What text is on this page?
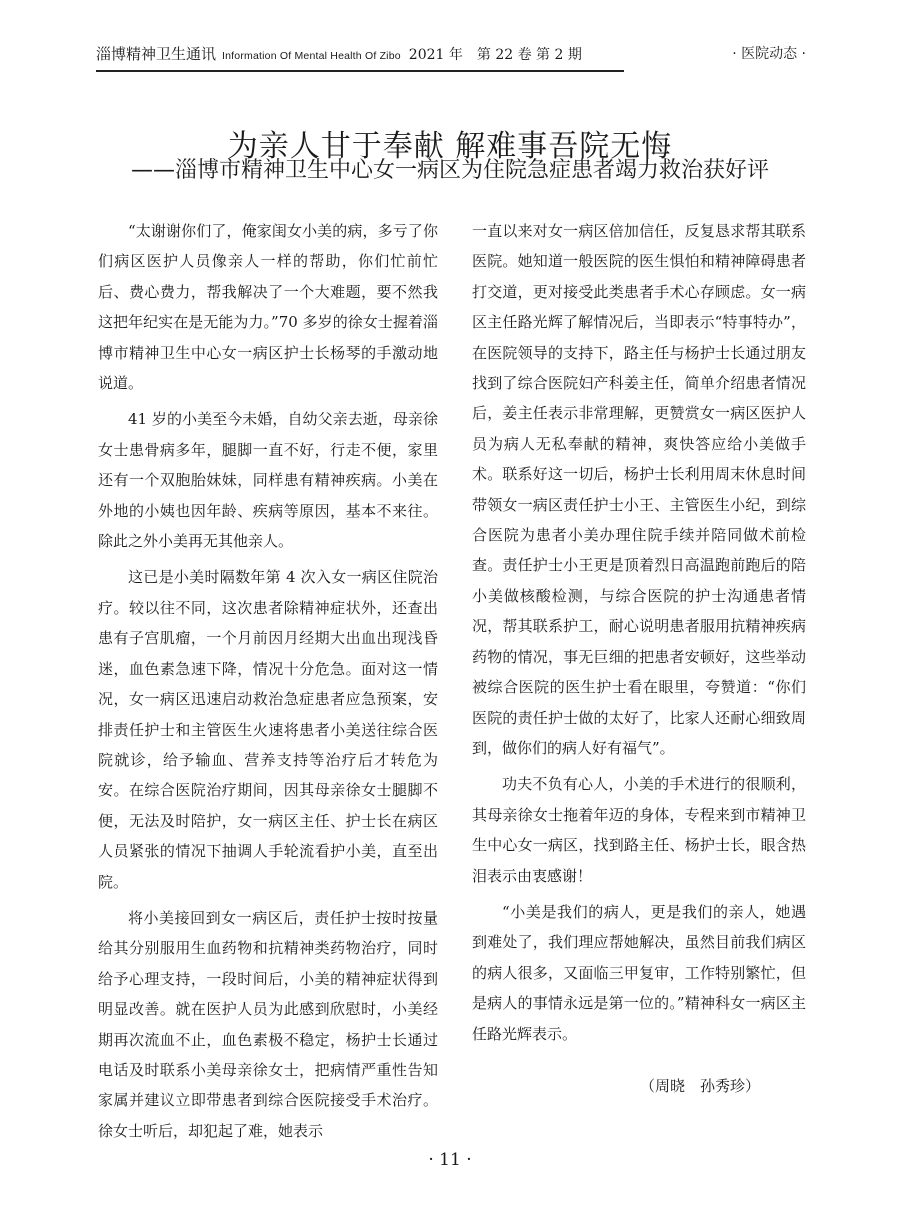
淄博精神卫生通讯 Information Of Mental Health Of Zibo 2021 年　第 22 卷 第 2 期	· 医院动态 ·
为亲人甘于奉献 解难事吾院无悔
——淄博市精神卫生中心女一病区为住院急症患者竭力救治获好评

“太谢谢你们了，俺家闺女小美的病，多亏了你们病区医护人员像亲人一样的帮助，你们忙前忙后、费心费力，帮我解决了一个大难题，要不然我这把年纪实在是无能为力。”70 多岁的徐女士握着淄博市精神卫生中心女一病区护士长杨琴的手激动地说道。

41 岁的小美至今未婚，自幼父亲去逝，母亲徐女士患骨病多年，腿脚一直不好，行走不便，家里还有一个双胞胎妹妹，同样患有精神疾病。小美在外地的小姨也因年龄、疾病等原因，基本不来往。除此之外小美再无其他亲人。

这已是小美时隔数年第 4 次入女一病区住院治疗。较以往不同，这次患者除精神症状外，还查出患有子宫肌瘤，一个月前因月经期大出血出现浅昏迷，血色素急速下降，情况十分危急。面对这一情况，女一病区迅速启动救治急症患者应急预案，安排责任护士和主管医生火速将患者小美送往综合医院就诊，给予输血、营养支持等治疗后才转危为安。在综合医院治疗期间，因其母亲徐女士腿脚不便，无法及时陪护，女一病区主任、护士长在病区人员紧张的情况下抽调人手轮流看护小美，直至出院。

将小美接回到女一病区后，责任护士按时按量给其分别服用生血药物和抗精神类药物治疗，同时给予心理支持，一段时间后，小美的精神症状得到明显改善。就在医护人员为此感到欣慰时，小美经期再次流血不止，血色素极不稳定，杨护士长通过电话及时联系小美母亲徐女士，把病情严重性告知家属并建议立即带患者到综合医院接受手术治疗。徐女士听后，却犯起了难，她表示

一直以来对女一病区倍加信任，反复恳求帮其联系医院。她知道一般医院的医生惧怕和精神障碍患者打交道，更对接受此类患者手术心存顾虑。女一病区主任路光辉了解情况后，当即表示“特事特办”，在医院领导的支持下，路主任与杨护士长通过朋友找到了综合医院妇产科姜主任，简单介绍患者情况后，姜主任表示非常理解，更赞赏女一病区医护人员为病人无私奉献的精神，爽快答应给小美做手术。联系好这一切后，杨护士长利用周末休息时间带领女一病区责任护士小王、主管医生小纪，到综合医院为患者小美办理住院手续并陪同做术前检查。责任护士小王更是顶着烈日高温跑前跑后的陪小美做核酸检测，与综合医院的护士沟通患者情况，帮其联系护工，耐心说明患者服用抗精神疾病药物的情况，事无巨细的把患者安顿好，这些举动被综合医院的医生护士看在眼里，夸赞道：“你们医院的责任护士做的太好了，比家人还耐心细致周到，做你们的病人好有福气”。

功夫不负有心人，小美的手术进行的很顺利，其母亲徐女士拖着年迈的身体，专程来到市精神卫生中心女一病区，找到路主任、杨护士长，眼含热泪表示由衷感谢！

“小美是我们的病人，更是我们的亲人，她遇到难处了，我们理应帮她解决，虽然目前我们病区的病人很多，又面临三甲复审，工作特别繁忙，但是病人的事情永远是第一位的。”精神科女一病区主任路光辉表示。

（周晓　孙秀珍）

· 11 ·
